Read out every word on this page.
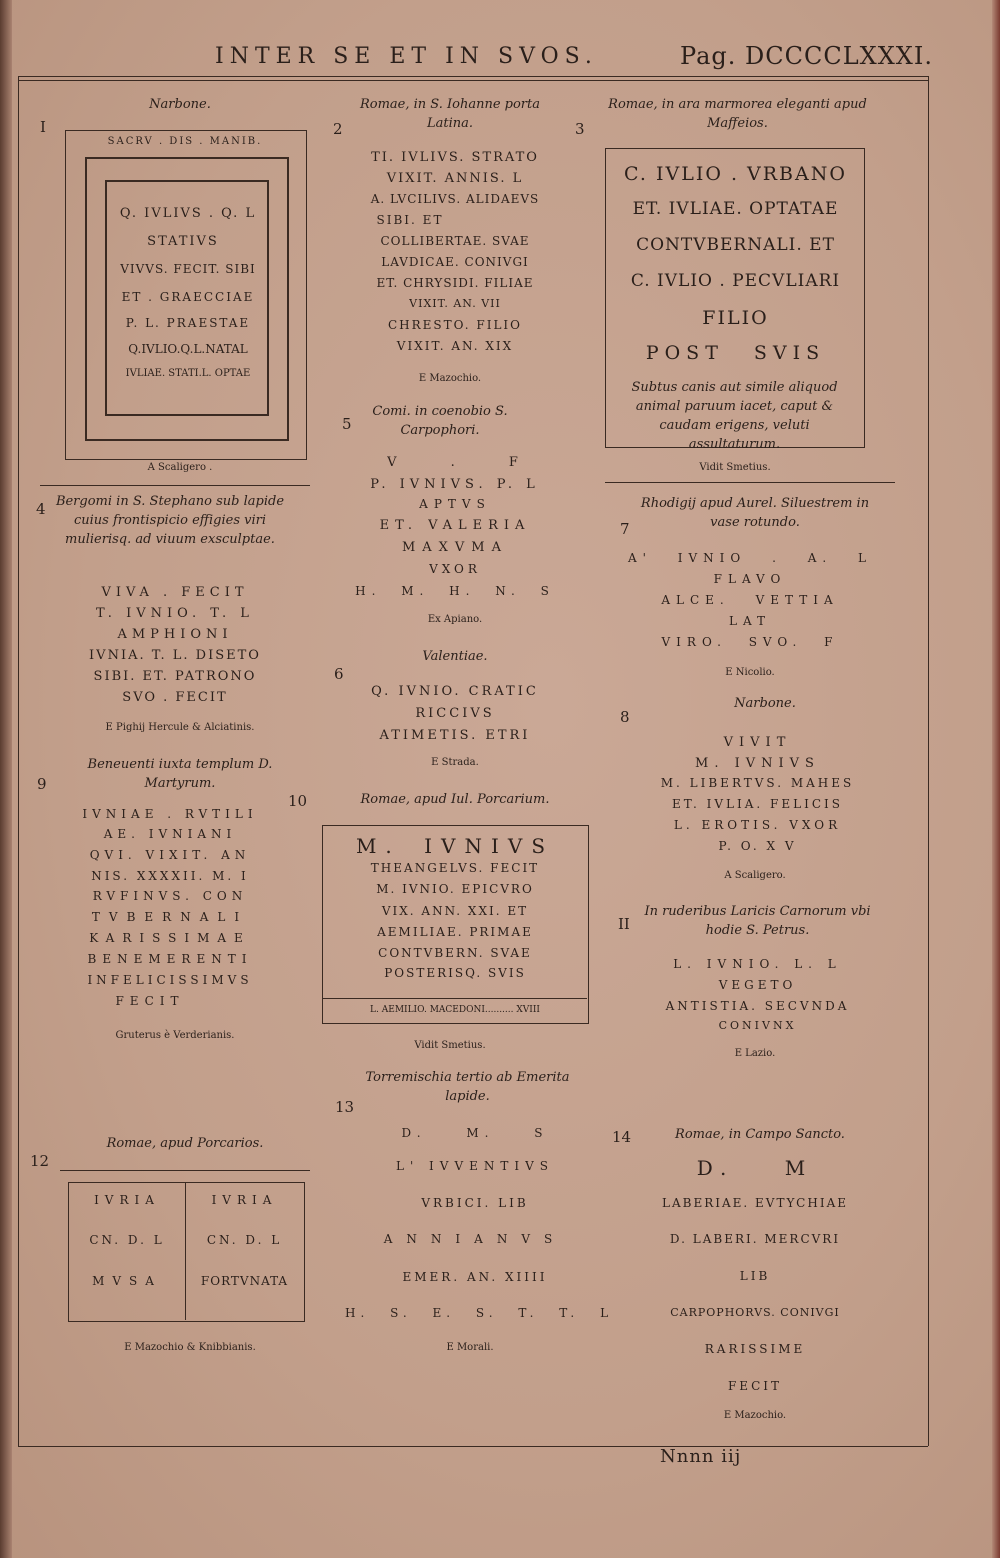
INTER SE ET IN SVOS.	Pag. DCCCCLXXXI.
I
Narbone.
SACRV . DIS . MANIB.
Q. IVLIVS . Q. L
STATIVS
VIVVS. FECIT. SIBI
ET . GRAECCIAE
P. L. PRAESTAE
Q.IVLIO.Q.L.NATAL
IVLIAE. STATI.L. OPTAE
A Scaligero .
2
Romae, in S. Iohanne porta Latina.
TI. IVLIVS. STRATO
VIXIT. ANNIS. L
A. LVCILIVS. ALIDAEVS
SIBI. ET
COLLIBERTAE. SVAE
LAVDICAE. CONIVGI
ET. CHRYSIDI. FILIAE
VIXIT. AN. VII
CHRESTO. FILIO
VIXIT. AN. XIX
E Mazochio.
3
Romae, in ara marmorea eleganti apud Maffeios.
C. IVLIO . VRBANO
ET. IVLIAE. OPTATAE
CONTVBERNALI. ET
C. IVLIO . PECVLIARI
FILIO
POST SVIS
Subtus canis aut simile aliquod animal paruum iacet, caput & caudam erigens, veluti assultaturum.
Vidit Smetius.
4 Bergomi in S. Stephano sub lapide cuius frontispicio effigies viri mulierisq. ad viuum exsculptae.
VIVA . FECIT
T. IVNIO. T. L
AMPHIONI
IVNIA. T. L. DISETO
SIBI. ET. PATRONO
SVO . FECIT
E Pighij Hercule & Alciatinis.
5
Comi. in coenobio S. Carpophori.
V . F
P. IVNIVS. P. L
APTVS
ET. VALERIA
MAXVMA
VXOR
H. M. H. N. S
Ex Apiano.
6
Valentiae.
Q. IVNIO. CRATIC
RICCIVS
ATIMETIS. ETRI
E Strada.
7
Rhodigij apud Aurel. Siluestrem in vase rotundo.
A' IVNIO . A. L
FLAVO
ALCE. VETTIA
LAT
VIRO. SVO. F
E Nicolio.
8
Narbone.
VIVIT
M. IVNIVS
M. LIBERTVS. MAHES
ET. IVLIA. FELICIS
L. EROTIS. VXOR
P. O. X V
A Scaligero.
9
Beneuenti iuxta templum D. Martyrum.
IVNIAE . RVTILI
AE. IVNIANI
QVI. VIXIT. AN
NIS. XXXXII. M. I
RVFINVS. CON
TVBERNALI
KARISSIMAE
BENEMERENTI
INFELICISSIMVS
FECIT
Gruterus è Verderianis.
10	Romae, apud Iul. Porcarium.
M. IVNIVS
THEANGELVS. FECIT
M. IVNIO. EPICVRO
VIX. ANN. XXI. ET
AEMILIAE. PRIMAE
CONTVBERN. SVAE
POSTERISQ. SVIS
L. AEMILIO. MACEDONI.......... XVIII
Vidit Smetius.
II
In ruderibus Laricis Carnorum vbi hodie S. Petrus.
L. IVNIO. L. L
VEGETO
ANTISTIA. SECVNDA
CONIVNX
E Lazio.
12
Romae, apud Porcarios.
IVRIA	IVRIA
CN. D. L	CN. D. L
MVSA	FORTVNATA
E Mazochio & Knibbianis.
13
Torremischia tertio ab Emerita lapide.
D. M. S
L' IVVENTIVS
VRBICI. LIB
ANNIANVS
EMER. AN. XIIII
H. S. E. S. T. T. L
E Morali.
14	Romae, in Campo Sancto.
D. M
LABERIAE. EVTYCHIAE
D. LABERI. MERCVRI
LIB
CARPOPHORVS. CONIVGI
RARISSIME
FECIT
E Mazochio.
Nnnn iij
